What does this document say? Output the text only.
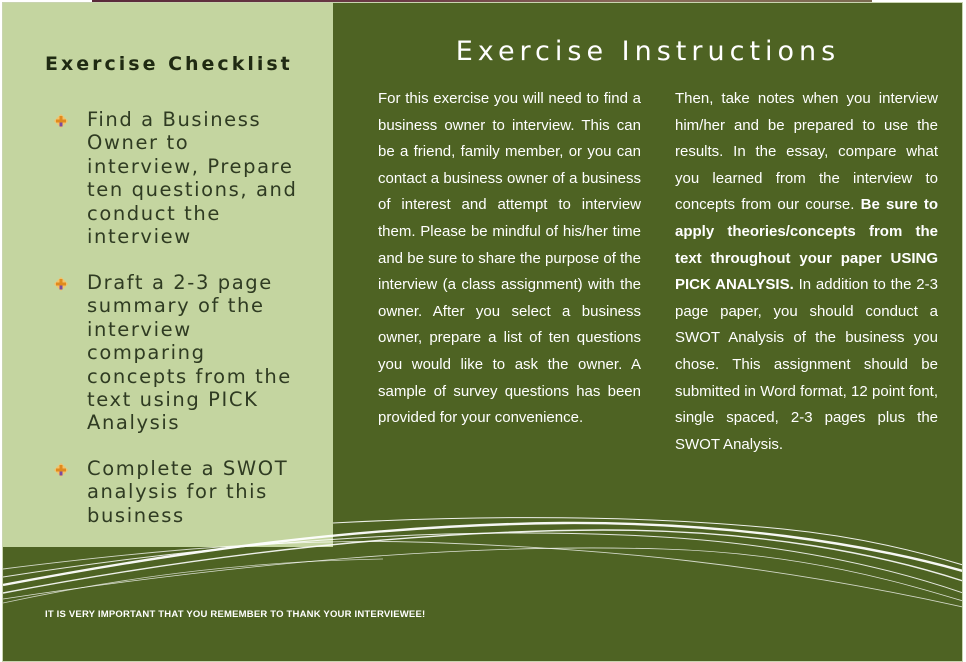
Exercise Checklist
Find a Business
Owner to
interview, Prepare
ten questions, and
conduct the
interview
Draft a 2-3 page
summary of the
interview
comparing
concepts from the
text using PICK
Analysis
Complete a SWOT
analysis for this
business
Exercise Instructions
For this exercise you will need to find a business owner to interview. This can be a friend, family member, or you can contact a business owner of a business of interest and attempt to interview them. Please be mindful of his/her time and be sure to share the purpose of the interview (a class assignment) with the owner. After you select a business owner, prepare a list of ten questions you would like to ask the owner. A sample of survey questions has been provided for your convenience.
Then, take notes when you interview him/her and be prepared to use the results. In the essay, compare what you learned from the interview to concepts from our course. Be sure to apply theories/concepts from the text throughout your paper USING PICK ANALYSIS. In addition to the 2-3 page paper, you should conduct a SWOT Analysis of the business you chose. This assignment should be submitted in Word format, 12 point font, single spaced, 2-3 pages plus the SWOT Analysis.
IT IS VERY IMPORTANT THAT YOU REMEMBER TO THANK YOUR INTERVIEWEE!
